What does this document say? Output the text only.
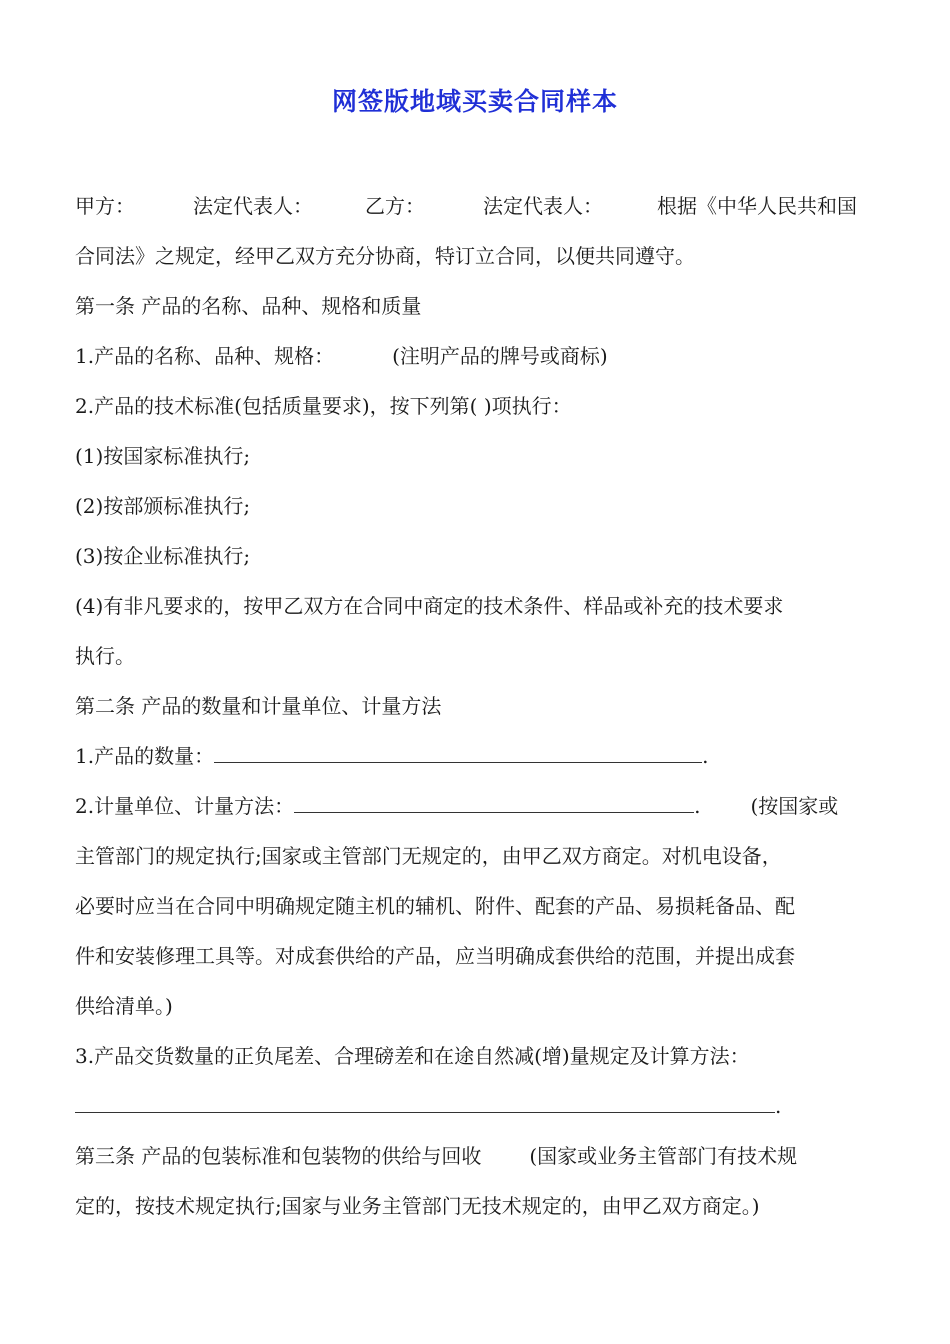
网签版地域买卖合同样本
甲方：	法定代表人：	乙方：	法定代表人：	根据《中华人民共和国
合同法》之规定，经甲乙双方充分协商，特订立合同，以便共同遵守。
第一条 产品的名称、品种、规格和质量
1.产品的名称、品种、规格：	(注明产品的牌号或商标)
2.产品的技术标准(包括质量要求)，按下列第( )项执行：
(1)按国家标准执行;
(2)按部颁标准执行;
(3)按企业标准执行;
(4)有非凡要求的，按甲乙双方在合同中商定的技术条件、样品或补充的技术要求
执行。
第二条 产品的数量和计量单位、计量方法
1.产品的数量：	.
2.计量单位、计量方法：	.	(按国家或
主管部门的规定执行;国家或主管部门无规定的，由甲乙双方商定。对机电设备，
必要时应当在合同中明确规定随主机的辅机、附件、配套的产品、易损耗备品、配
件和安装修理工具等。对成套供给的产品，应当明确成套供给的范围，并提出成套
供给清单。)
3.产品交货数量的正负尾差、合理磅差和在途自然减(增)量规定及计算方法：
.
第三条 产品的包装标准和包装物的供给与回收 (国家或业务主管部门有技术规
定的，按技术规定执行;国家与业务主管部门无技术规定的，由甲乙双方商定。)
